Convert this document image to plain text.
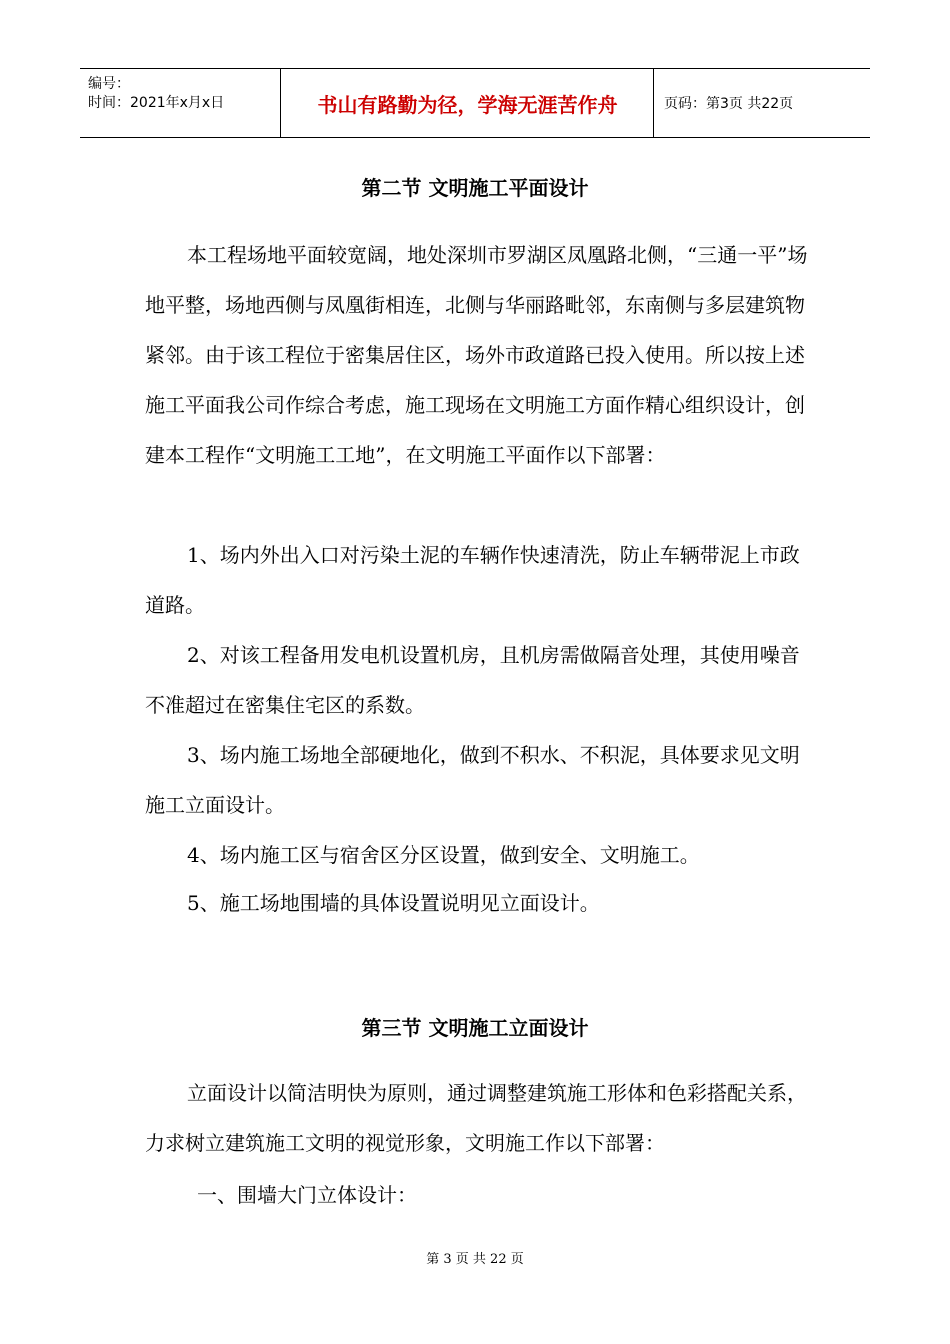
编号：
时间：2021年x月x日	书山有路勤为径，学海无涯苦作舟	页码：第3页 共22页
第二节 文明施工平面设计

本工程场地平面较宽阔，地处深圳市罗湖区凤凰路北侧，“三通一平”场地平整，场地西侧与凤凰街相连，北侧与华丽路毗邻，东南侧与多层建筑物紧邻。由于该工程位于密集居住区，场外市政道路已投入使用。所以按上述施工平面我公司作综合考虑，施工现场在文明施工方面作精心组织设计，创建本工程作“文明施工工地”，在文明施工平面作以下部署：

1、场内外出入口对污染土泥的车辆作快速清洗，防止车辆带泥上市政道路。

2、对该工程备用发电机设置机房，且机房需做隔音处理，其使用噪音不准超过在密集住宅区的系数。

3、场内施工场地全部硬地化，做到不积水、不积泥，具体要求见文明施工立面设计。

4、场内施工区与宿舍区分区设置，做到安全、文明施工。

5、施工场地围墙的具体设置说明见立面设计。

第三节 文明施工立面设计

立面设计以简洁明快为原则，通过调整建筑施工形体和色彩搭配关系，力求树立建筑施工文明的视觉形象，文明施工作以下部署：

一、围墙大门立体设计：

第 3 页 共 22 页
